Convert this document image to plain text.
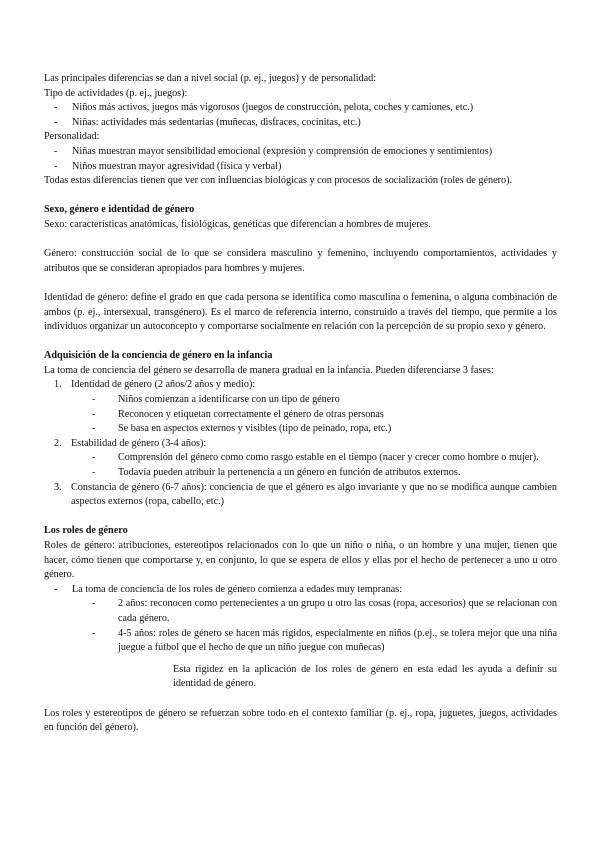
Las principales diferencias se dan a nivel social (p. ej., juegos) y de personalidad:

Tipo de actividades (p. ej., juegos):

- Niños más activos, juegos más vigorosos (juegos de construcción, pelota, coches y camiones, etc.)
- Niñas: actividades más sedentarias (muñecas, disfraces, cocinitas, etc.)

Personalidad:

- Niñas muestran mayor sensibilidad emocional (expresión y comprensión de emociones y sentimientos)
- Niños muestran mayor agresividad (física y verbal)

Todas estas diferencias tienen que ver con influencias biológicas y con procesos de socialización (roles de género).

Sexo, género e identidad de género

Sexo: características anatómicas, fisiológicas, genéticas que diferencian a hombres de mujeres.

Género: construcción social de lo que se considera masculino y femenino, incluyendo comportamientos, actividades y atributos que se consideran apropiados para hombres y mujeres.

Identidad de género: define el grado en que cada persona se identifica como masculina o femenina, o alguna combinación de ambos (p. ej., intersexual, transgénero). Es el marco de referencia interno, construido a través del tiempo, que permite a los individuos organizar un autoconcepto y comportarse socialmente en relación con la percepción de su propio sexo y género.

Adquisición de la conciencia de género en la infancia

La toma de conciencia del género se desarrolla de manera gradual en la infancia. Pueden diferenciarse 3 fases:

1. Identidad de género (2 años/2 años y medio):
- Niños comienzan a identificarse con un tipo de género
- Reconocen y etiquetan correctamente el género de otras personas
- Se basa en aspectos externos y visibles (tipo de peinado, ropa, etc.)
2. Estabilidad de género (3-4 años):
- Comprensión del género como como rasgo estable en el tiempo (nacer y crecer como hombre o mujer).
- Todavía pueden atribuir la pertenencia a un género en función de atributos externos.
3. Constancia de género (6-7 años): conciencia de que el género es algo invariante y que no se modifica aunque cambien aspectos externos (ropa, cabello, etc.)

Los roles de género

Roles de género: atribuciones, estereotipos relacionados con lo que un niño o niña, o un hombre y una mujer, tienen que hacer, cómo tienen que comportarse y, en conjunto, lo que se espera de ellos y ellas por el hecho de pertenecer a uno u otro género.

- La toma de conciencia de los roles de género comienza a edades muy tempranas:
- 2 años: reconocen como pertenecientes a un grupo u otro las cosas (ropa, accesorios) que se relacionan con cada género.
- 4-5 años: roles de género se hacen más rígidos, especialmente en niños (p.ej., se tolera mejor que una niña juegue a fútbol que el hecho de que un niño juegue con muñecas)

Esta rigidez en la aplicación de los roles de género en esta edad les ayuda a definir su identidad de género.

Los roles y estereotipos de género se refuerzan sobre todo en el contexto familiar (p. ej., ropa, juguetes, juegos, actividades en función del género).
